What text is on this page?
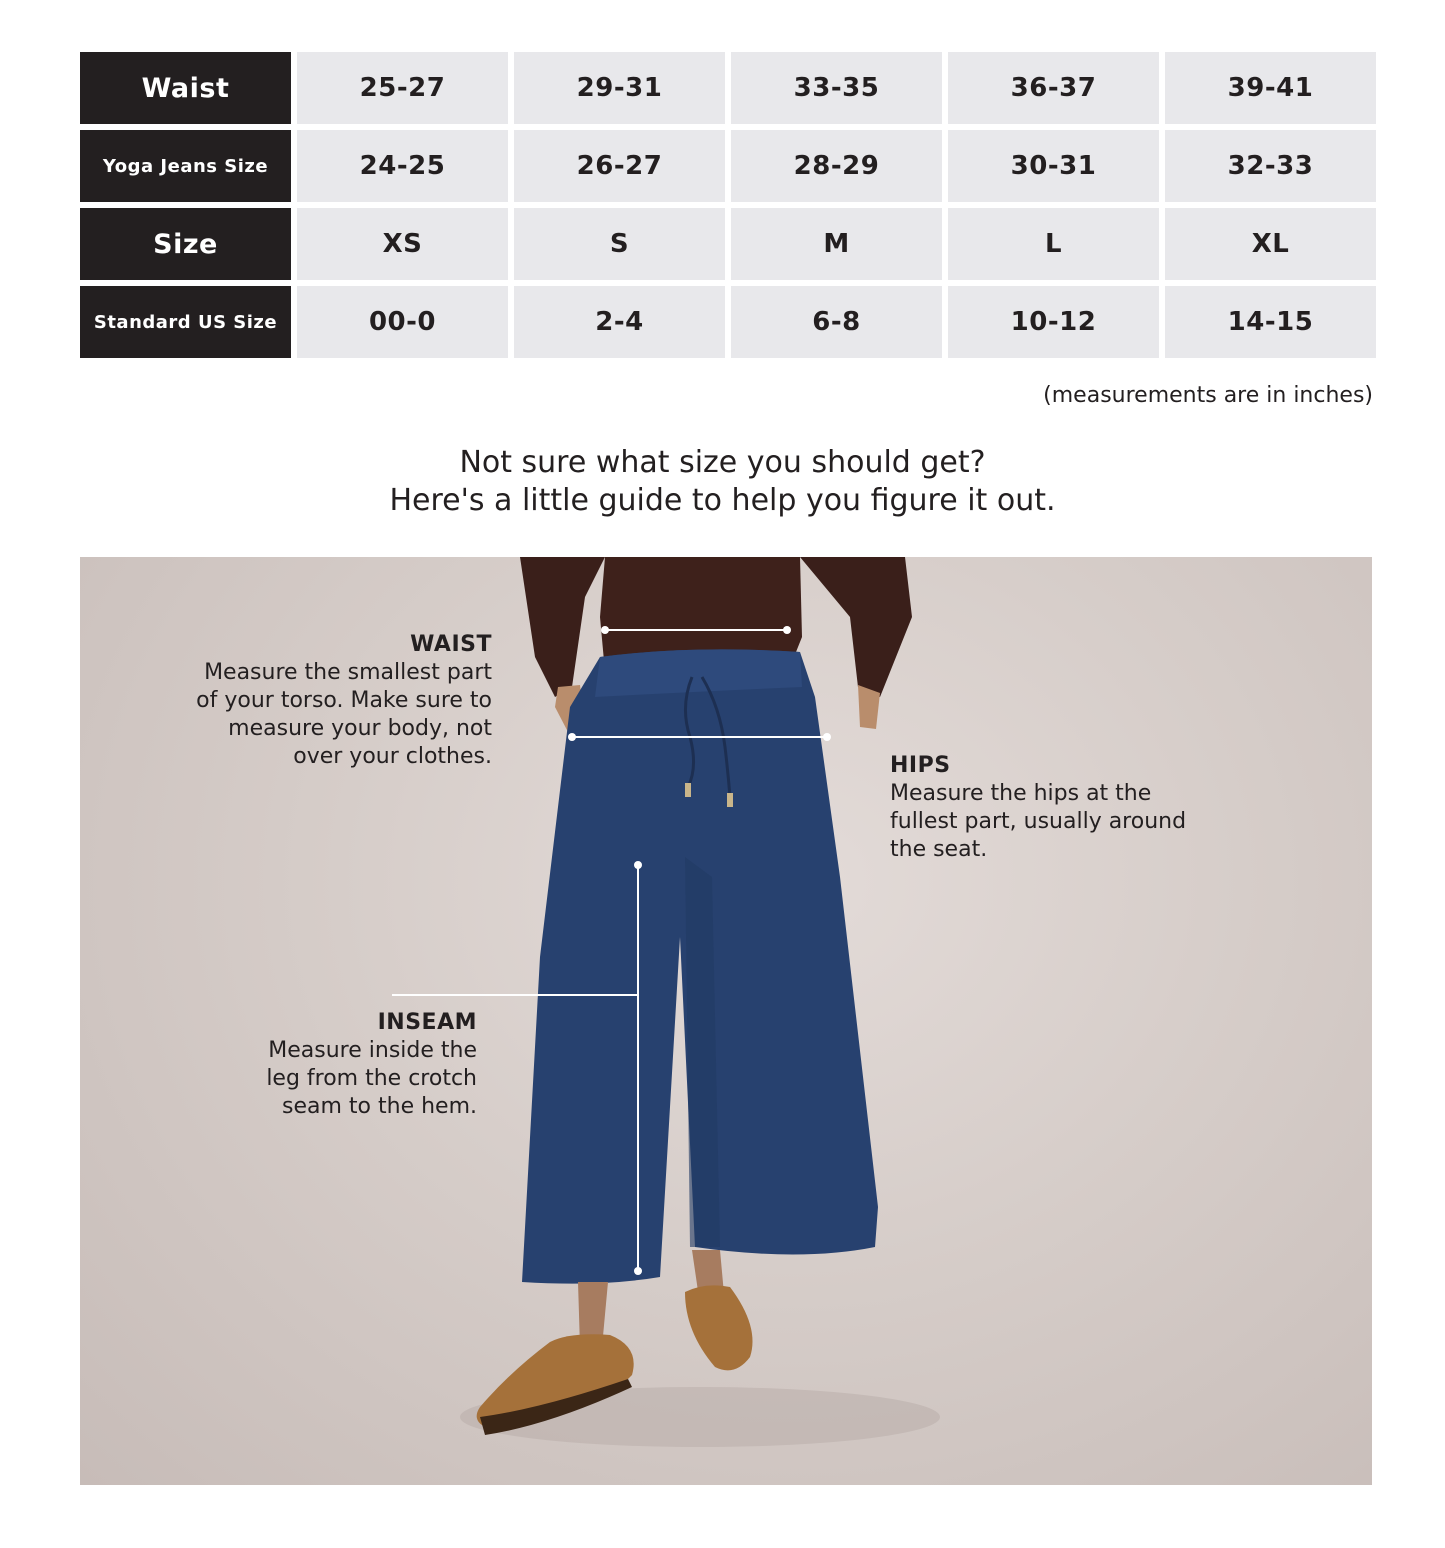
Waist	25-27	29-31	33-35	36-37	39-41
Yoga Jeans Size	24-25	26-27	28-29	30-31	32-33
Size	XS	S	M	L	XL
Standard US Size	00-0	2-4	6-8	10-12	14-15
(measurements are in inches)
Not sure what size you should get?
Here's a little guide to help you figure it out.
WAIST
Measure the smallest part
of your torso. Make sure to
measure your body, not
over your clothes.	HIPS
Measure the hips at the
fullest part, usually around
the seat.
INSEAM
Measure inside the
leg from the crotch
seam to the hem.
